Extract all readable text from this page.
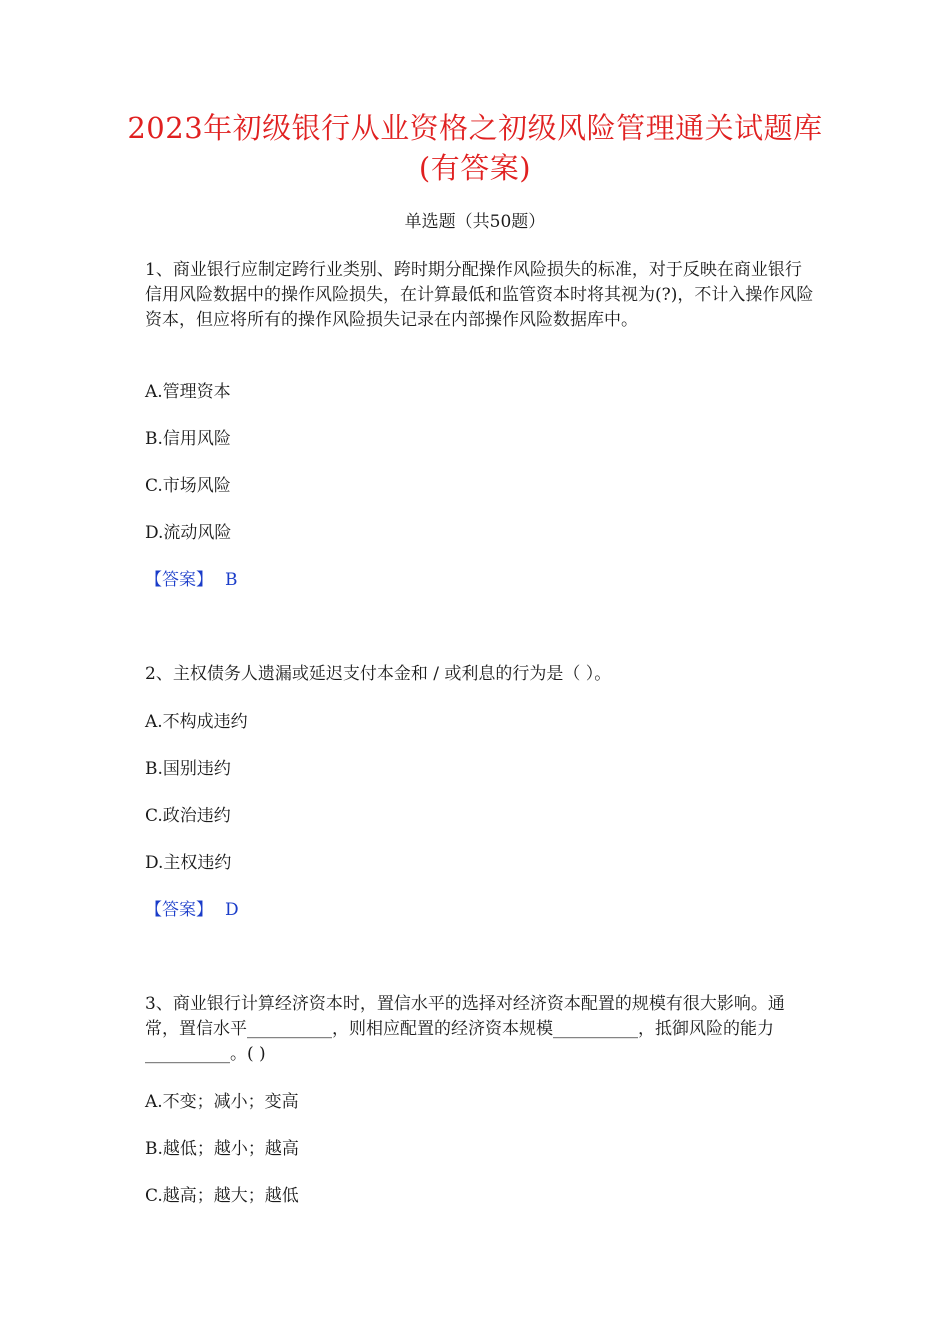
2023年初级银行从业资格之初级风险管理通关试题库(有答案)
单选题（共50题）
1、商业银行应制定跨行业类别、跨时期分配操作风险损失的标准，对于反映在商业银行信用风险数据中的操作风险损失，在计算最低和监管资本时将其视为(?)，不计入操作风险资本，但应将所有的操作风险损失记录在内部操作风险数据库中。
A.管理资本
B.信用风险
C.市场风险
D.流动风险
【答案】 B
2、主权债务人遗漏或延迟支付本金和 / 或利息的行为是（ ）。
A.不构成违约
B.国别违约
C.政治违约
D.主权违约
【答案】 D
3、商业银行计算经济资本时，置信水平的选择对经济资本配置的规模有很大影响。通常，置信水平__________，则相应配置的经济资本规模__________，抵御风险的能力__________。( )
A.不变；减小；变高
B.越低；越小；越高
C.越高；越大；越低
